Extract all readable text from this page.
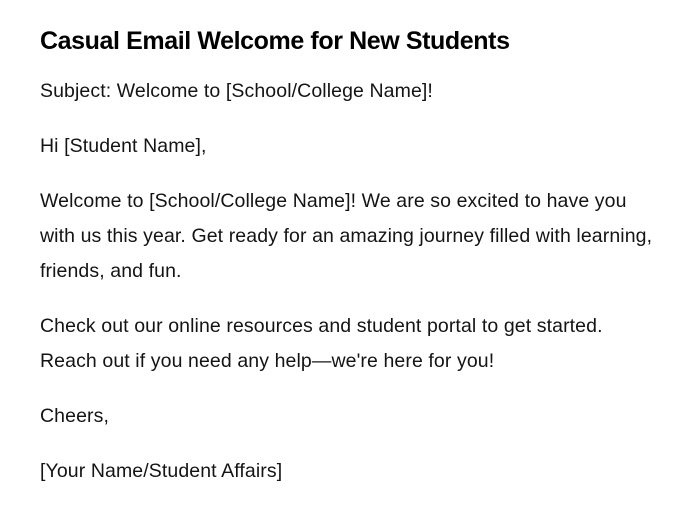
Casual Email Welcome for New Students

Subject: Welcome to [School/College Name]!

Hi [Student Name],

Welcome to [School/College Name]! We are so excited to have you with us this year. Get ready for an amazing journey filled with learning, friends, and fun.

Check out our online resources and student portal to get started. Reach out if you need any help—we're here for you!

Cheers,

[Your Name/Student Affairs]
